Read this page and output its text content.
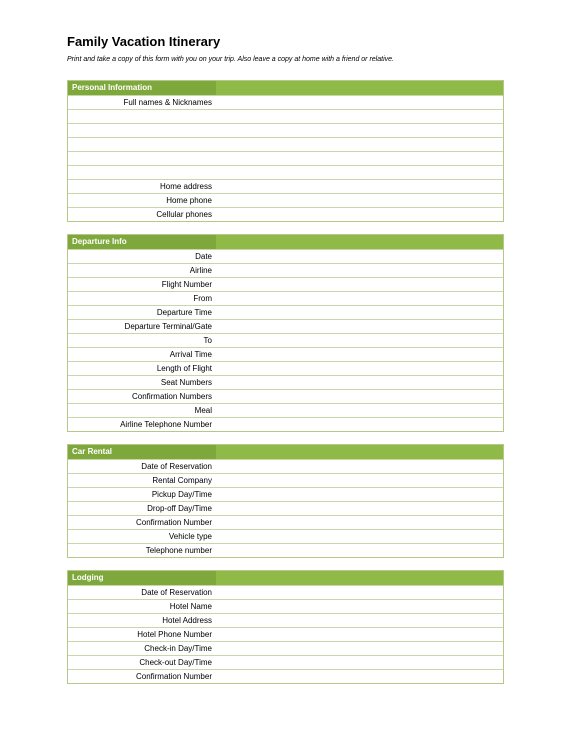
Family Vacation Itinerary

Print and take a copy of this form with you on your trip. Also leave a copy at home with a friend or relative.

Personal Information
Full names & Nicknames
Home address
Home phone
Cellular phones
Departure Info
Date
Airline
Flight Number
From
Departure Time
Departure Terminal/Gate
To
Arrival Time
Length of Flight
Seat Numbers
Confirmation Numbers
Meal
Airline Telephone Number
Car Rental
Date of Reservation
Rental Company
Pickup Day/Time
Drop-off Day/Time
Confirmation Number
Vehicle type
Telephone number
Lodging
Date of Reservation
Hotel Name
Hotel Address
Hotel Phone Number
Check-in Day/Time
Check-out Day/Time
Confirmation Number
